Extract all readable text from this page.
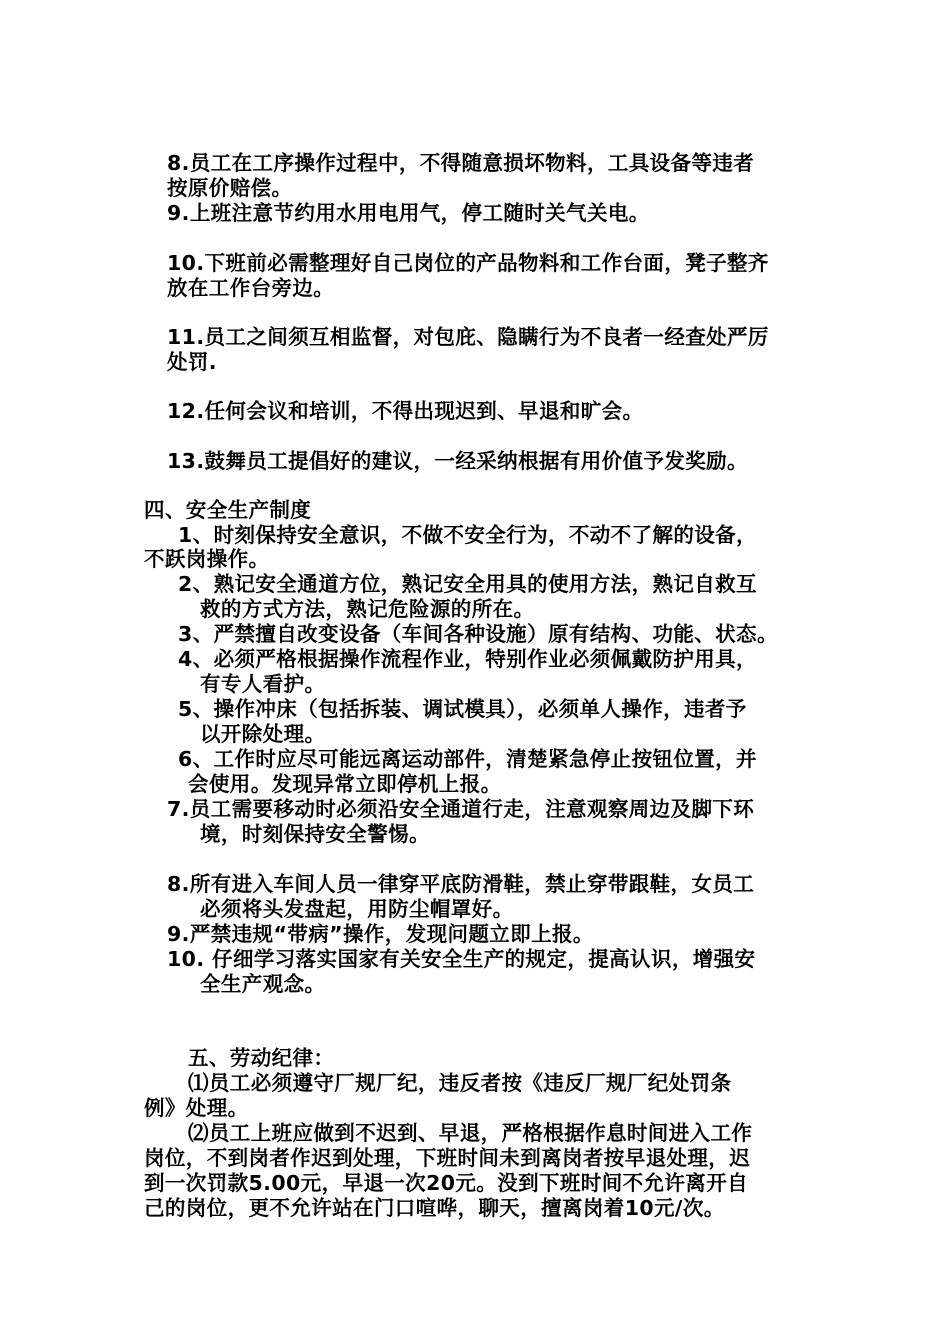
8.员工在工序操作过程中，不得随意损坏物料，工具设备等违者
按原价赔偿。
9.上班注意节约用水用电用气，停工随时关气关电。
10.下班前必需整理好自己岗位的产品物料和工作台面，凳子整齐
放在工作台旁边。
11.员工之间须互相监督，对包庇、隐瞒行为不良者一经查处严厉
处罚.
12.任何会议和培训，不得出现迟到、早退和旷会。
13.鼓舞员工提倡好的建议，一经采纳根据有用价值予发奖励。
四、安全生产制度
1、时刻保持安全意识，不做不安全行为，不动不了解的设备，
不跃岗操作。
2、熟记安全通道方位，熟记安全用具的使用方法，熟记自救互
救的方式方法，熟记危险源的所在。
3、严禁擅自改变设备（车间各种设施）原有结构、功能、状态。
4、必须严格根据操作流程作业，特别作业必须佩戴防护用具，
有专人看护。
5、操作冲床（包括拆装、调试模具），必须单人操作，违者予
以开除处理。
6、工作时应尽可能远离运动部件，清楚紧急停止按钮位置，并
会使用。发现异常立即停机上报。
7.员工需要移动时必须沿安全通道行走，注意观察周边及脚下环
境，时刻保持安全警惕。
8.所有进入车间人员一律穿平底防滑鞋，禁止穿带跟鞋，女员工
必须将头发盘起，用防尘帽罩好。
9.严禁违规“带病”操作，发现问题立即上报。
10. 仔细学习落实国家有关安全生产的规定，提高认识，增强安
全生产观念。
五、劳动纪律：
⑴员工必须遵守厂规厂纪，违反者按《违反厂规厂纪处罚条
例》处理。
⑵员工上班应做到不迟到、早退，严格根据作息时间进入工作
岗位，不到岗者作迟到处理，下班时间未到离岗者按早退处理，迟
到一次罚款5.00元，早退一次20元。没到下班时间不允许离开自
己的岗位，更不允许站在门口喧哗，聊天，擅离岗着10元/次。
